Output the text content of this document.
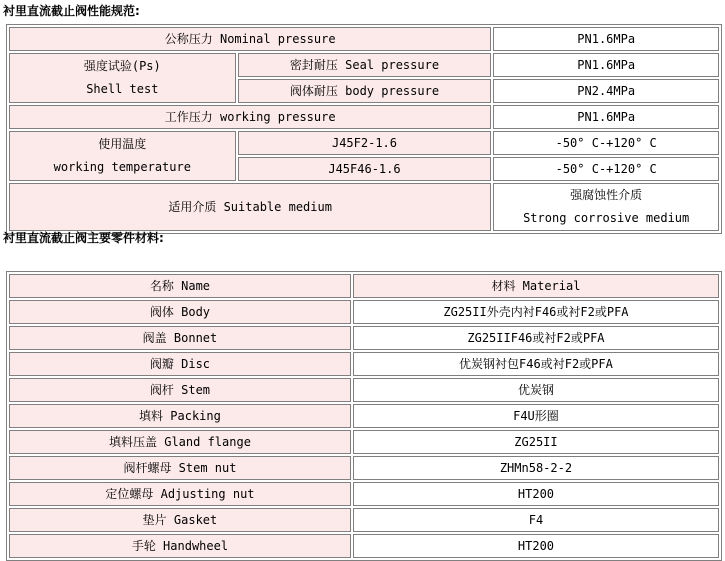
衬里直流截止阀性能规范:
公称压力 Nominal pressure		PN1.6MPa

强度试验(Ps)
Shell test	密封耐压 Seal pressure	PN1.6MPa
	阀体耐压 body pressure	PN2.4MPa
工作压力 working pressure		PN1.6MPa

使用温度
working temperature	J45F2-1.6	-50° C-+120° C
	J45F46-1.6	-50° C-+120° C
适用介质 Suitable medium		强腐蚀性介质
Strong corrosive medium
衬里直流截止阀主要零件材料:
名称 Name	材料 Material
阀体 Body	ZG25II外壳内衬F46或衬F2或PFA
阀盖 Bonnet	ZG25IIF46或衬F2或PFA
阀瓣 Disc	优炭钢衬包F46或衬F2或PFA
阀杆 Stem	优炭钢
填料 Packing	F4U形圈
填料压盖 Gland flange	ZG25II
阀杆螺母 Stem nut	ZHMn58-2-2
定位螺母 Adjusting nut	HT200
垫片 Gasket	F4
手轮 Handwheel	HT200
